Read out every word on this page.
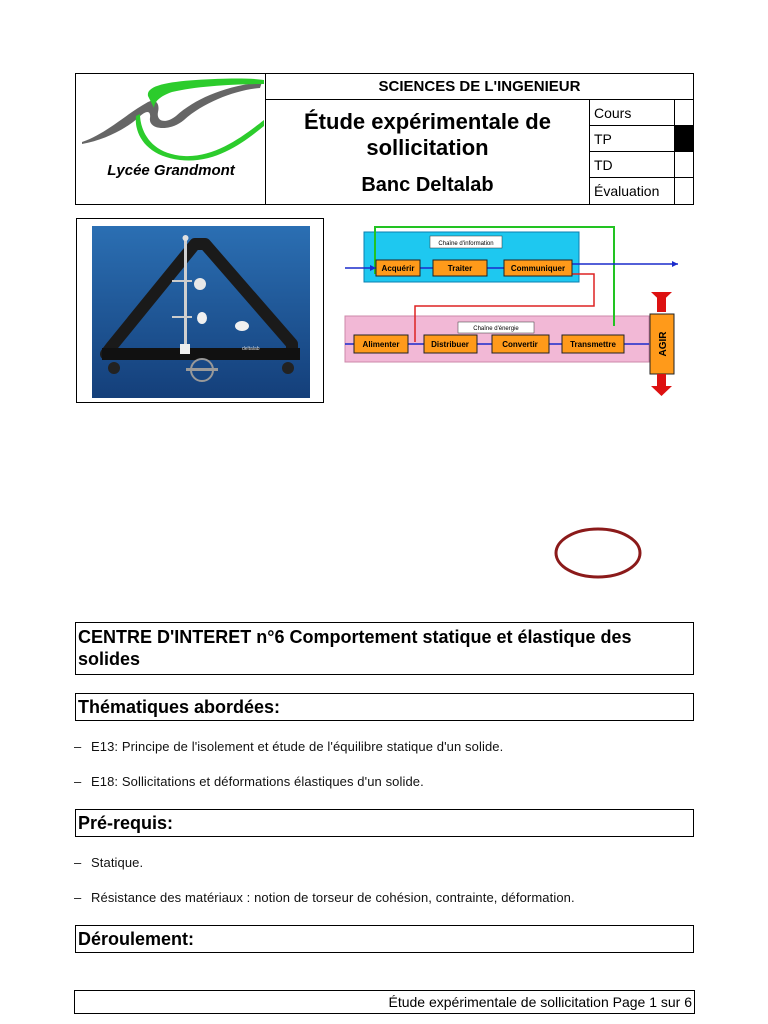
Lycée Grandmont
SCIENCES DE L'INGENIEUR
Étude expérimentale de
sollicitation
Banc Deltalab
Cours
TP
TD
Évaluation
deltalab
Chaîne d'information
Chaîne d'énergie
Acquérir	Traiter	Communiquer
Alimenter	Distribuer	Convertir	Transmettre	AGIR
CENTRE D'INTERET n°6 Comportement statique et élastique des solides
Thématiques abordées:
– E13: Principe de l'isolement et étude de l'équilibre statique d'un solide.
– E18: Sollicitations et déformations élastiques d'un solide.
Pré-requis:
– Statique.
– Résistance des matériaux : notion de torseur de cohésion, contrainte, déformation.
Déroulement:
Étude expérimentale de sollicitation Page 1 sur 6
